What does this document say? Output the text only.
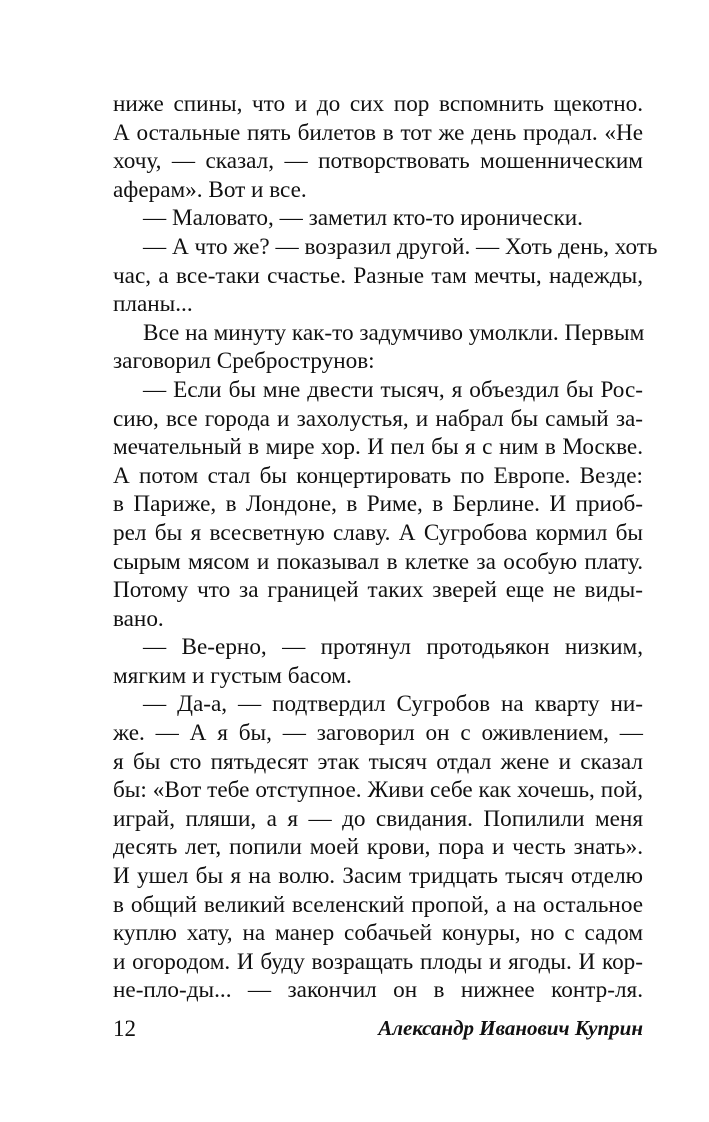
ниже спины, что и до сих пор вспомнить щекотно.
А остальные пять билетов в тот же день продал. «Не
хочу, — сказал, — потворствовать мошенническим
аферам». Вот и все.
— Маловато, — заметил кто-то иронически.
— А что же? — возразил другой. — Хоть день, хоть
час, а все-таки счастье. Разные там мечты, надежды,
планы...
Все на минуту как-то задумчиво умолкли. Первым
заговорил Среброструнов:
— Если бы мне двести тысяч, я объездил бы Рос-
сию, все города и захолустья, и набрал бы самый за-
мечательный в мире хор. И пел бы я с ним в Москве.
А потом стал бы концертировать по Европе. Везде:
в Париже, в Лондоне, в Риме, в Берлине. И приоб-
рел бы я всесветную славу. А Сугробова кормил бы
сырым мясом и показывал в клетке за особую плату.
Потому что за границей таких зверей еще не виды-
вано.
— Ве-ерно, — протянул протодьякон низким,
мягким и густым басом.
— Да-а, — подтвердил Сугробов на кварту ни-
же. — А я бы, — заговорил он с оживлением, —
я бы сто пятьдесят этак тысяч отдал жене и сказал
бы: «Вот тебе отступное. Живи себе как хочешь, пой,
играй, пляши, а я — до свидания. Попилили меня
десять лет, попили моей крови, пора и честь знать».
И ушел бы я на волю. Засим тридцать тысяч отделю
в общий великий вселенский пропой, а на остальное
куплю хату, на манер собачьей конуры, но с садом
и огородом. И буду возращать плоды и ягоды. И кор-
не-пло-ды... — закончил он в нижнее контр-ля.
12	Александр Иванович Куприн
